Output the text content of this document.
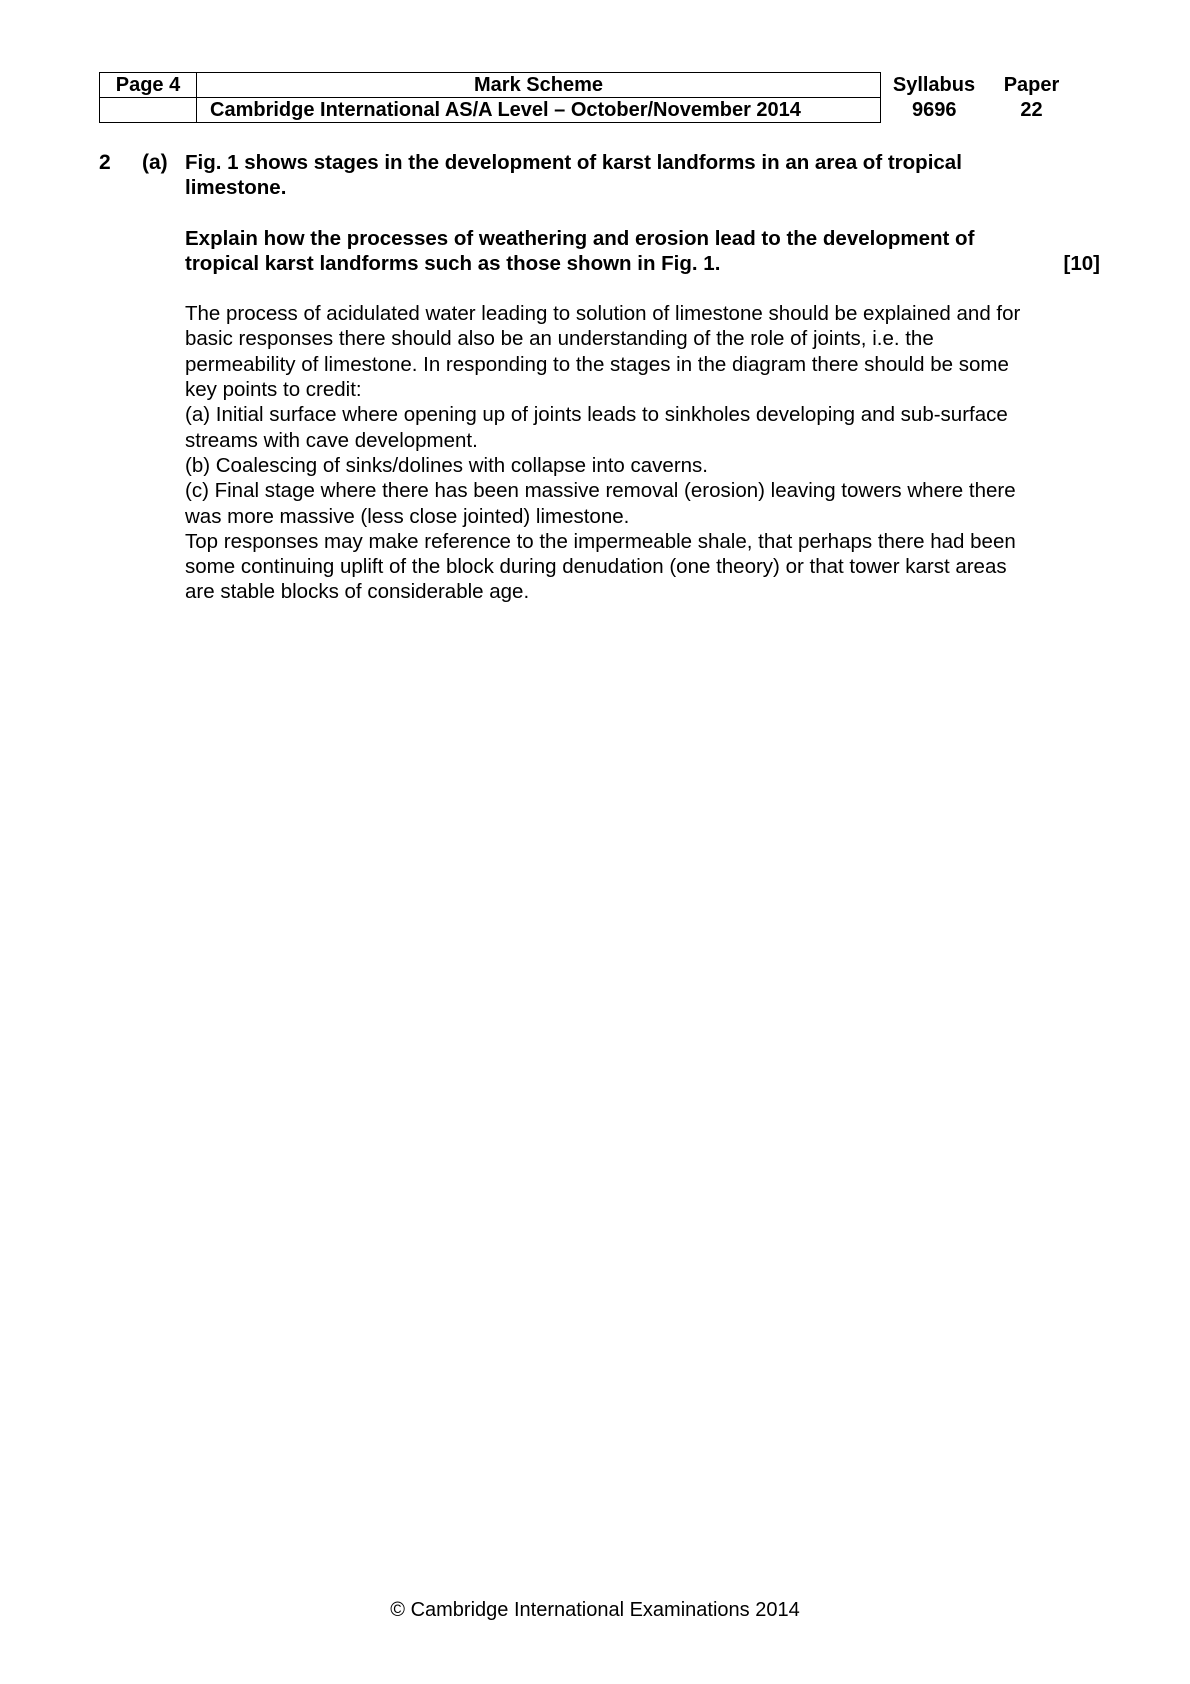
Page 4	Mark Scheme	Syllabus	Paper
	Cambridge International AS/A Level – October/November 2014	9696	22
2 (a) Fig. 1 shows stages in the development of karst landforms in an area of tropical

limestone.

Explain how the processes of weathering and erosion lead to the development of

tropical karst landforms such as those shown in Fig. 1.	[10]

The process of acidulated water leading to solution of limestone should be explained and for

basic responses there should also be an understanding of the role of joints, i.e. the

permeability of limestone. In responding to the stages in the diagram there should be some

key points to credit:

(a) Initial surface where opening up of joints leads to sinkholes developing and sub-surface

streams with cave development.

(b) Coalescing of sinks/dolines with collapse into caverns.

(c) Final stage where there has been massive removal (erosion) leaving towers where there

was more massive (less close jointed) limestone.

Top responses may make reference to the impermeable shale, that perhaps there had been

some continuing uplift of the block during denudation (one theory) or that tower karst areas

are stable blocks of considerable age.

© Cambridge International Examinations 2014
